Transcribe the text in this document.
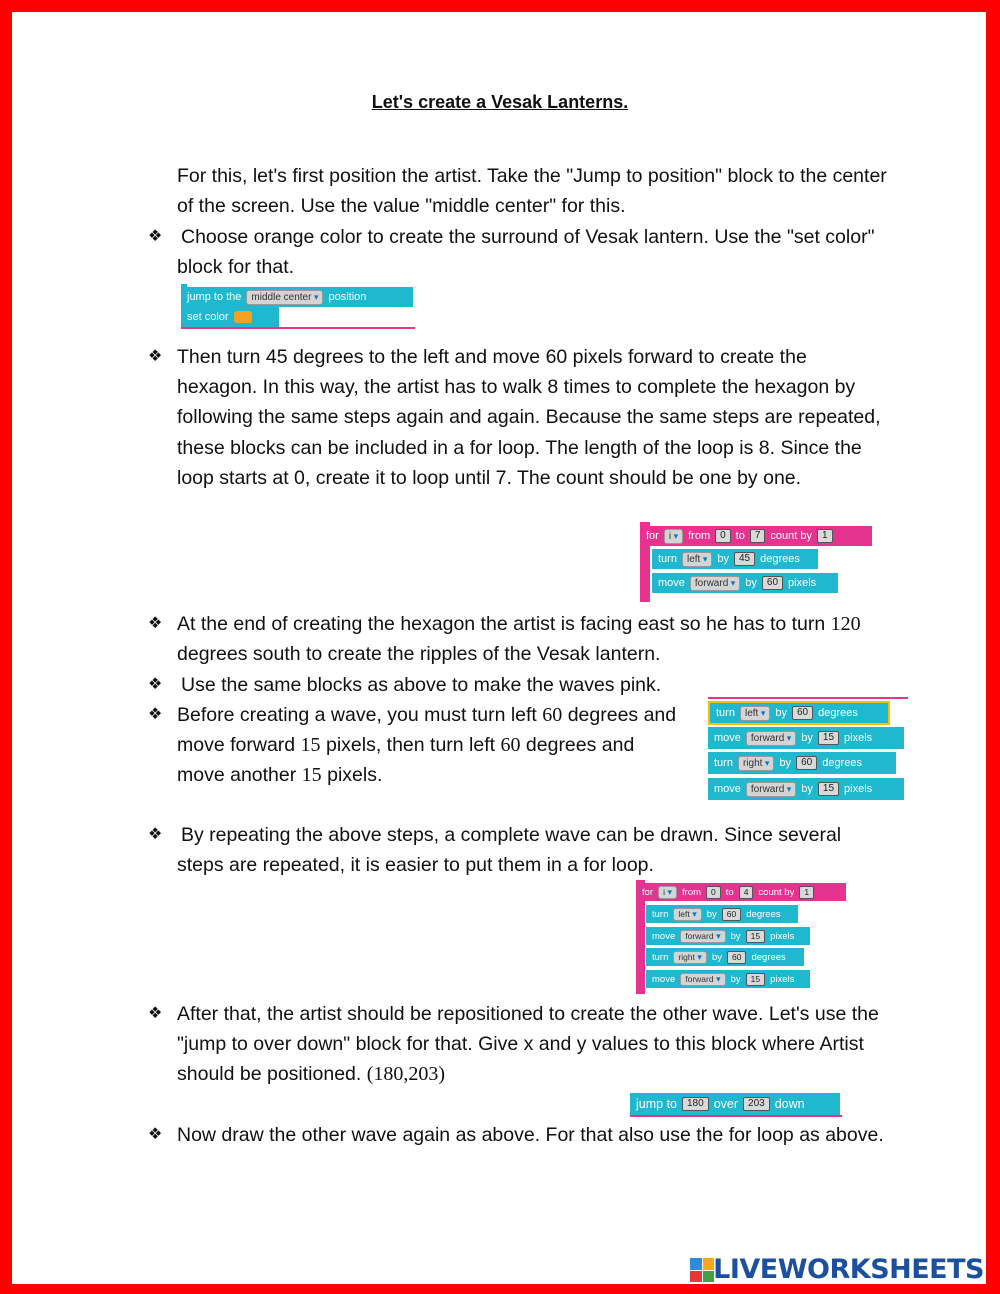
Let's create a Vesak Lanterns.
For this, let's first position the artist. Take the "Jump to position" block to the center of the screen. Use the value "middle center" for this.
❖ Choose orange color to create the surround of Vesak lantern. Use the "set color" block for that.
jump to the	middle center ▾	position
set color
❖ Then turn 45 degrees to the left and move 60 pixels forward to create the hexagon. In this way, the artist has to walk 8 times to complete the hexagon by following the same steps again and again. Because the same steps are repeated, these blocks can be included in a for loop. The length of the loop is 8. Since the loop starts at 0, create it to loop until 7. The count should be one by one.
for	i ▾	from	0 to	7 count by	1
turn	left ▾	by	45 degrees
move	forward ▾	by	60 pixels
❖ At the end of creating the hexagon the artist is facing east so he has to turn 120 degrees south to create the ripples of the Vesak lantern.
❖ Use the same blocks as above to make the waves pink.
❖ Before creating a wave, you must turn left 60 degrees and move forward 15 pixels, then turn left 60 degrees and move another 15 pixels.
turn	left ▾	by	60 degrees
move	forward ▾	by	15 pixels
turn	right ▾	by	60 degrees
move	forward ▾	by	15 pixels
❖ By repeating the above steps, a complete wave can be drawn. Since several steps are repeated, it is easier to put them in a for loop.
for	i ▾	from	0	to	4	count by	1
turn	left ▾	by	60	degrees
move	forward ▾	by	15	pixels
turn	right ▾	by	60	degrees
move	forward ▾	by	15	pixels
❖ After that, the artist should be repositioned to create the other wave. Let's use the "jump to over down" block for that. Give x and y values to this block where Artist should be positioned. (180,203)
jump to	180 over	203 down
❖ Now draw the other wave again as above. For that also use the for loop as above.
LIVEWORKSHEETS
